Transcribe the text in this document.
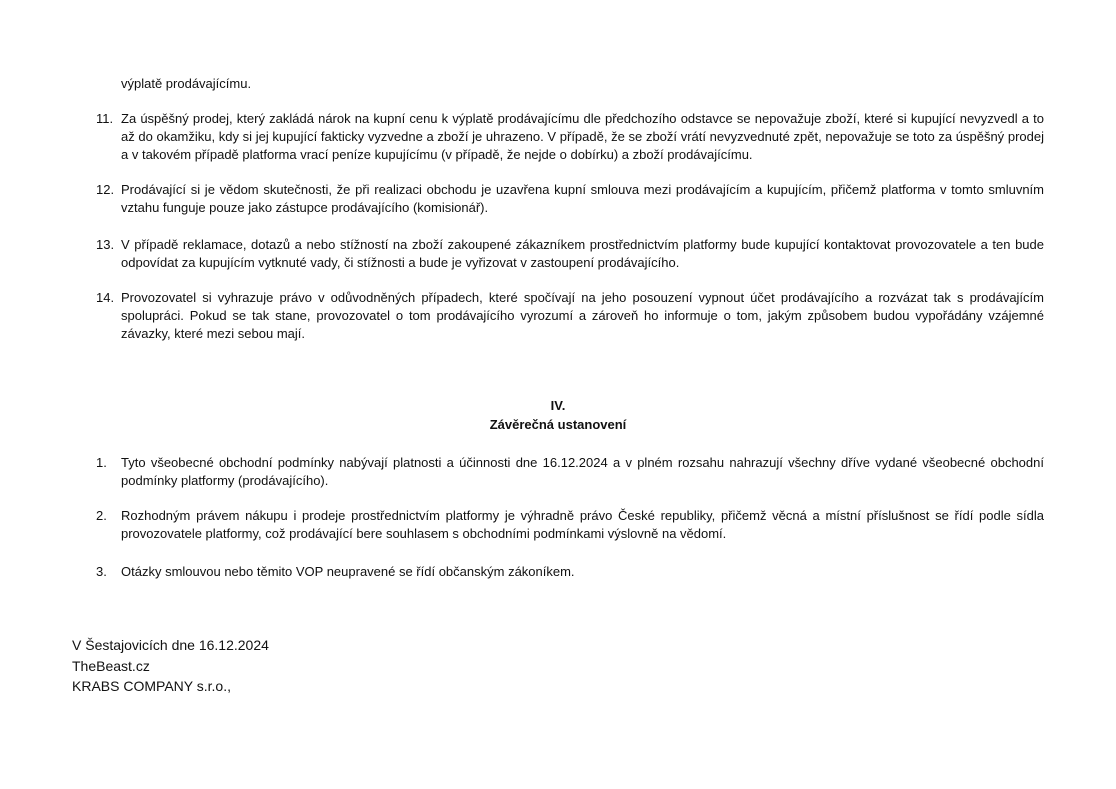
výplatě prodávajícímu.

11. Za úspěšný prodej, který zakládá nárok na kupní cenu k výplatě prodávajícímu dle předchozího odstavce se nepovažuje zboží, které si kupující nevyzvedl a to až do okamžiku, kdy si jej kupující fakticky vyzvedne a zboží je uhrazeno. V případě, že se zboží vrátí nevyzvednuté zpět, nepovažuje se toto za úspěšný prodej a v takovém případě platforma vrací peníze kupujícímu (v případě, že nejde o dobírku) a zboží prodávajícímu.

12. Prodávající si je vědom skutečnosti, že při realizaci obchodu je uzavřena kupní smlouva mezi prodávajícím a kupujícím, přičemž platforma v tomto smluvním vztahu funguje pouze jako zástupce prodávajícího (komisionář).

13. V případě reklamace, dotazů a nebo stížností na zboží zakoupené zákazníkem prostřednictvím platformy bude kupující kontaktovat provozovatele a ten bude odpovídat za kupujícím vytknuté vady, či stížnosti a bude je vyřizovat v zastoupení prodávajícího.

14. Provozovatel si vyhrazuje právo v odůvodněných případech, které spočívají na jeho posouzení vypnout účet prodávajícího a rozvázat tak s prodávajícím spolupráci. Pokud se tak stane, provozovatel o tom prodávajícího vyrozumí a zároveň ho informuje o tom, jakým způsobem budou vypořádány vzájemné závazky, které mezi sebou mají.

IV.

Závěrečná ustanovení

1.	Tyto všeobecné obchodní podmínky nabývají platnosti a účinnosti dne 16.12.2024 a v plném rozsahu nahrazují všechny dříve vydané všeobecné obchodní podmínky platformy (prodávajícího).

2.	Rozhodným právem nákupu i prodeje prostřednictvím platformy je výhradně právo České republiky, přičemž věcná a místní příslušnost se řídí podle sídla provozovatele platformy, což prodávající bere souhlasem s obchodními podmínkami výslovně na vědomí.

3.	Otázky smlouvou nebo těmito VOP neupravené se řídí občanským zákoníkem.

V Šestajovicích dne 16.12.2024

TheBeast.cz

KRABS COMPANY s.r.o.,
